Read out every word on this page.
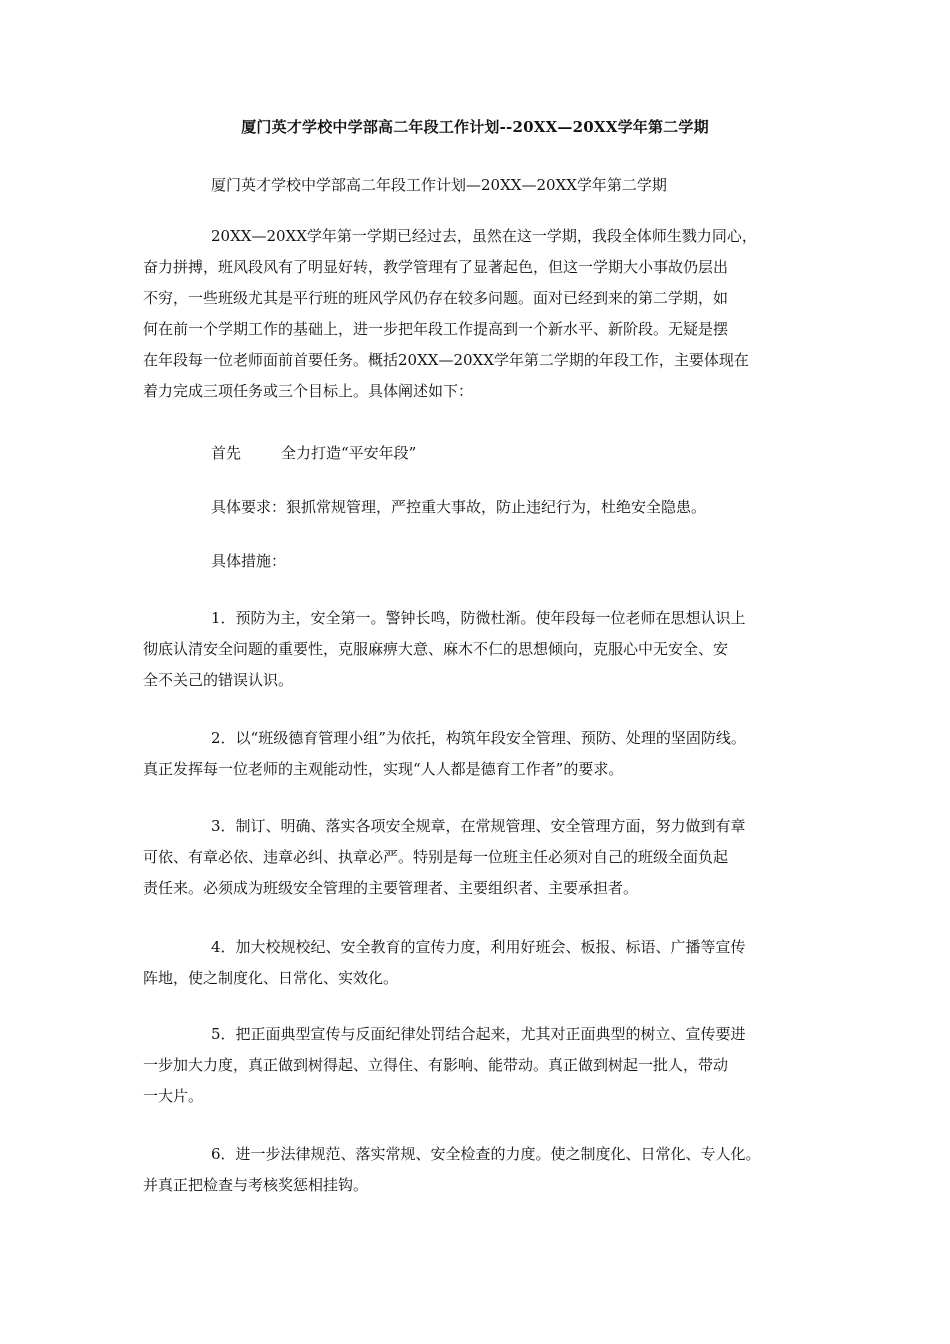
厦门英才学校中学部高二年段工作计划--20XX—20XX学年第二学期
厦门英才学校中学部高二年段工作计划—20XX—20XX学年第二学期
20XX—20XX学年第一学期已经过去，虽然在这一学期，我段全体师生戮力同心，
奋力拼搏，班风段风有了明显好转，教学管理有了显著起色，但这一学期大小事故仍层出
不穷，一些班级尤其是平行班的班风学风仍存在较多问题。面对已经到来的第二学期，如
何在前一个学期工作的基础上，进一步把年段工作提高到一个新水平、新阶段。无疑是摆
在年段每一位老师面前首要任务。概括20XX—20XX学年第二学期的年段工作，主要体现在
着力完成三项任务或三个目标上。具体阐述如下：
首先	全力打造“平安年段”
具体要求：狠抓常规管理，严控重大事故，防止违纪行为，杜绝安全隐患。
具体措施：
1．预防为主，安全第一。警钟长鸣，防微杜渐。使年段每一位老师在思想认识上
彻底认清安全问题的重要性，克服麻痹大意、麻木不仁的思想倾向，克服心中无安全、安
全不关己的错误认识。
2．以“班级德育管理小组”为依托，构筑年段安全管理、预防、处理的坚固防线。
真正发挥每一位老师的主观能动性，实现“人人都是德育工作者”的要求。
3．制订、明确、落实各项安全规章，在常规管理、安全管理方面，努力做到有章
可依、有章必依、违章必纠、执章必严。特别是每一位班主任必须对自己的班级全面负起
责任来。必须成为班级安全管理的主要管理者、主要组织者、主要承担者。
4．加大校规校纪、安全教育的宣传力度，利用好班会、板报、标语、广播等宣传
阵地，使之制度化、日常化、实效化。
5．把正面典型宣传与反面纪律处罚结合起来，尤其对正面典型的树立、宣传要进
一步加大力度，真正做到树得起、立得住、有影响、能带动。真正做到树起一批人，带动
一大片。
6．进一步法律规范、落实常规、安全检查的力度。使之制度化、日常化、专人化。
并真正把检查与考核奖惩相挂钩。
